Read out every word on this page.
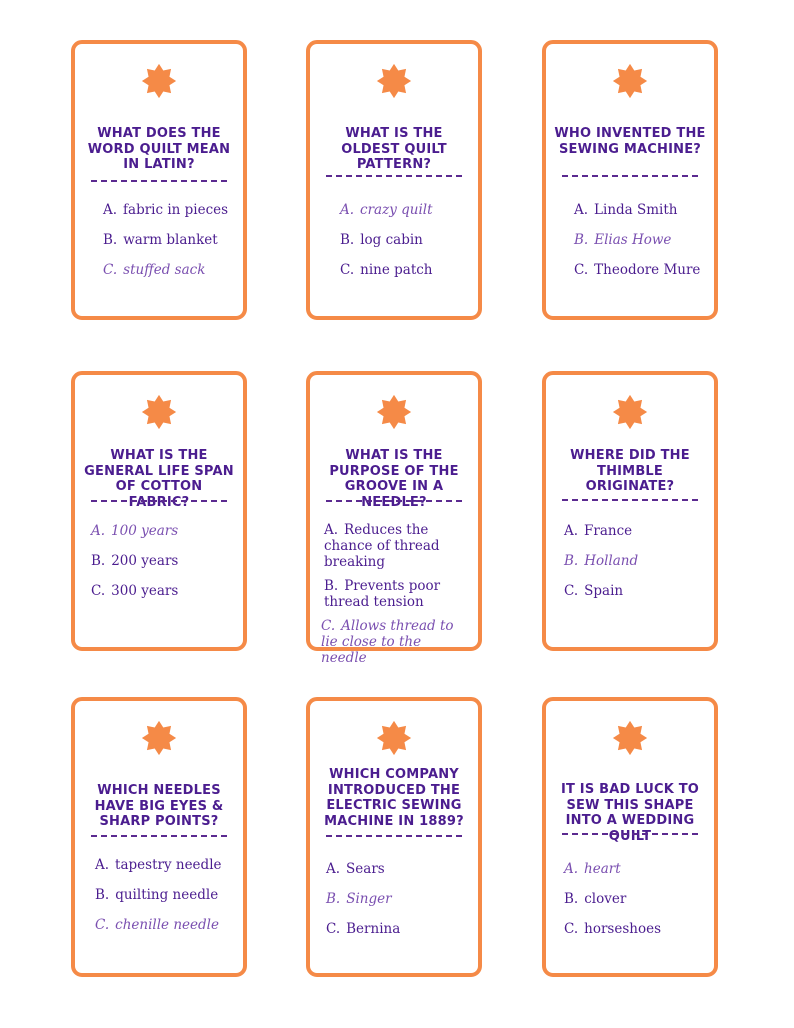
WHAT DOES THE WORD QUILT MEAN IN LATIN?
A. fabric in pieces
B. warm blanket
C. stuffed sack
WHAT IS THE OLDEST QUILT PATTERN?
A. crazy quilt
B. log cabin
C. nine patch
WHO INVENTED THE SEWING MACHINE?
A. Linda Smith
B. Elias Howe
C. Theodore Mure
WHAT IS THE GENERAL LIFE SPAN OF COTTON FABRIC?
A. 100 years
B. 200 years
C. 300 years
WHAT IS THE PURPOSE OF THE GROOVE IN A NEEDLE?
A. Reduces the chance of thread breaking
B. Prevents poor thread tension
C. Allows thread to lie close to the needle
WHERE DID THE THIMBLE ORIGINATE?
A. France
B. Holland
C. Spain
WHICH NEEDLES HAVE BIG EYES & SHARP POINTS?
A. tapestry needle
B. quilting needle
C. chenille needle
WHICH COMPANY INTRODUCED THE ELECTRIC SEWING MACHINE IN 1889?
A. Sears
B. Singer
C. Bernina
IT IS BAD LUCK TO SEW THIS SHAPE INTO A WEDDING QUILT
A. heart
B. clover
C. horseshoes
